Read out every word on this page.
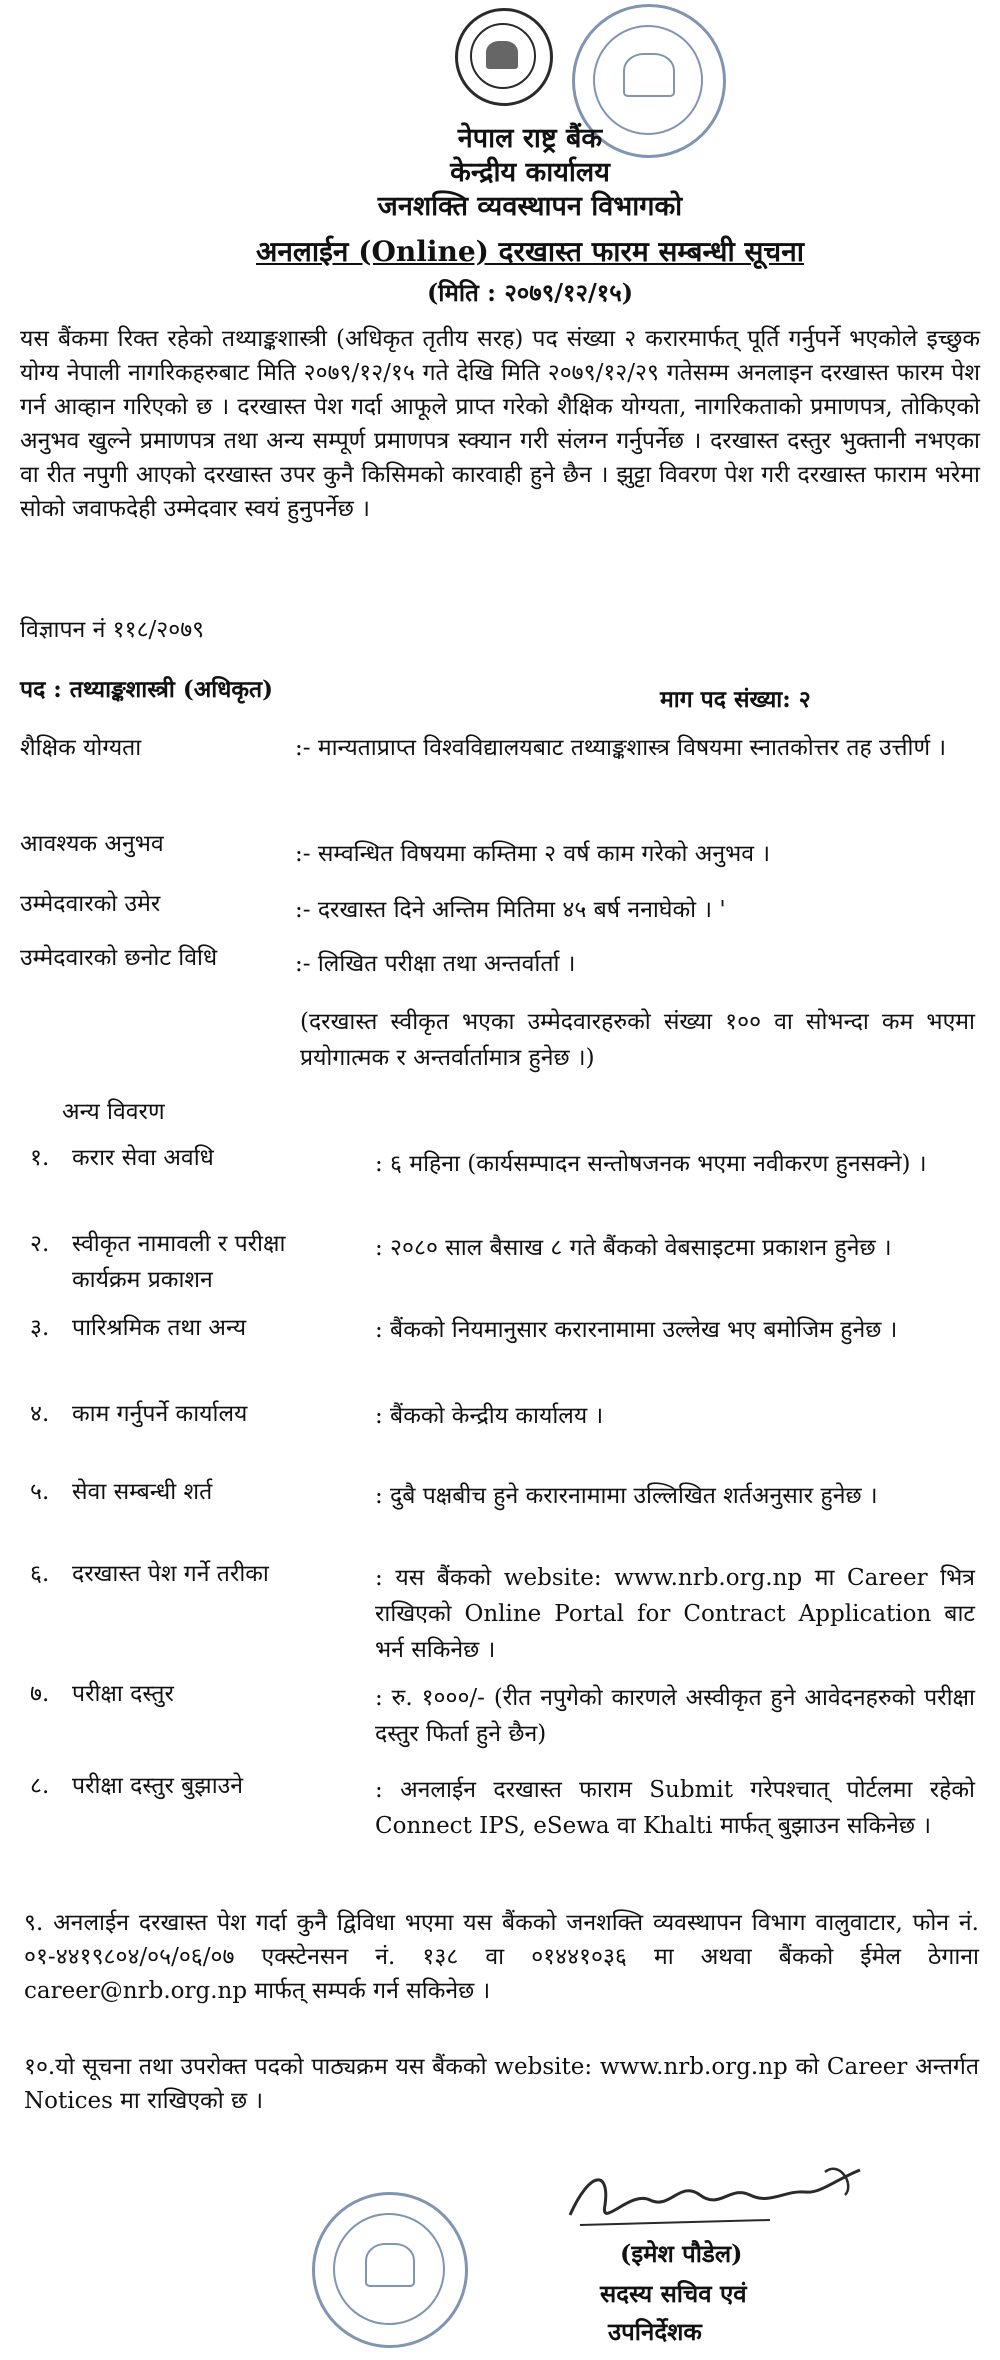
नेपाल राष्ट्र बैंक
केन्द्रीय कार्यालय
जनशक्ति व्यवस्थापन विभागको
अनलाईन (Online) दरखास्त फारम सम्बन्धी सूचना
(मिति : २०७९/१२/१५)
यस बैंकमा रिक्त रहेको तथ्याङ्कशास्त्री (अधिकृत तृतीय सरह) पद संख्या २ करारमार्फत् पूर्ति गर्नुपर्ने भएकोले इच्छुक योग्य नेपाली नागरिकहरुबाट मिति २०७९/१२/१५ गते देखि मिति २०७९/१२/२९ गतेसम्म अनलाइन दरखास्त फारम पेश गर्न आव्हान गरिएको छ । दरखास्त पेश गर्दा आफूले प्राप्त गरेको शैक्षिक योग्यता, नागरिकताको प्रमाणपत्र, तोकिएको अनुभव खुल्ने प्रमाणपत्र तथा अन्य सम्पूर्ण प्रमाणपत्र स्क्यान गरी संलग्न गर्नुपर्नेछ । दरखास्त दस्तुर भुक्तानी नभएका वा रीत नपुगी आएको दरखास्त उपर कुनै किसिमको कारवाही हुने छैन । झुट्टा विवरण पेश गरी दरखास्त फाराम भरेमा सोको जवाफदेही उम्मेदवार स्वयं हुनुपर्नेछ ।
विज्ञापन नं ११८/२०७९
पद : तथ्याङ्कशास्त्री (अधिकृत)	माग पद संख्या: २
शैक्षिक योग्यता	:- मान्यताप्राप्त विश्वविद्यालयबाट तथ्याङ्कशास्त्र विषयमा स्नातकोत्तर तह उत्तीर्ण ।
आवश्यक अनुभव	:- सम्वन्धित विषयमा कम्तिमा २ वर्ष काम गरेको अनुभव ।
उम्मेदवारको उमेर	:- दरखास्त दिने अन्तिम मितिमा ४५ बर्ष ननाघेको । '
उम्मेदवारको छनोट विधि	:- लिखित परीक्षा तथा अन्तर्वार्ता ।
(दरखास्त स्वीकृत भएका उम्मेदवारहरुको संख्या १०० वा सोभन्दा कम भएमा प्रयोगात्मक र अन्तर्वार्तामात्र हुनेछ ।)
अन्य विवरण
१. करार सेवा अवधि	: ६ महिना (कार्यसम्पादन सन्तोषजनक भएमा नवीकरण हुनसक्ने) ।
२. स्वीकृत नामावली र परीक्षा कार्यक्रम प्रकाशन
: २०८० साल बैसाख ८ गते बैंकको वेबसाइटमा प्रकाशन हुनेछ ।
३. पारिश्रमिक तथा अन्य	: बैंकको नियमानुसार करारनामामा उल्लेख भए बमोजिम हुनेछ ।
४. काम गर्नुपर्ने कार्यालय	: बैंकको केन्द्रीय कार्यालय ।
५. सेवा सम्बन्धी शर्त	: दुबै पक्षबीच हुने करारनामामा उल्लिखित शर्तअनुसार हुनेछ ।
६. दरखास्त पेश गर्ने तरीका	: यस बैंकको website: www.nrb.org.np मा Career भित्र राखिएको Online Portal for Contract Application बाट भर्न सकिनेछ ।
७. परीक्षा दस्तुर	: रु. १०००/- (रीत नपुगेको कारणले अस्वीकृत हुने आवेदनहरुको परीक्षा दस्तुर फिर्ता हुने छैन)
८. परीक्षा दस्तुर बुझाउने	: अनलाईन दरखास्त फाराम Submit गरेपश्चात् पोर्टलमा रहेको Connect IPS, eSewa वा Khalti मार्फत् बुझाउन सकिनेछ ।
९. अनलाईन दरखास्त पेश गर्दा कुनै द्विविधा भएमा यस बैंकको जनशक्ति व्यवस्थापन विभाग वालुवाटार, फोन नं. ०१-४४१९८०४/०५/०६/०७ एक्स्टेनसन नं. १३८ वा ०१४४१०३६ मा अथवा बैंकको ईमेल ठेगाना career@nrb.org.np मार्फत् सम्पर्क गर्न सकिनेछ ।
१०.यो सूचना तथा उपरोक्त पदको पाठ्यक्रम यस बैंकको website: www.nrb.org.np को Career अन्तर्गत Notices मा राखिएको छ ।
(इमेश पौडेल)
सदस्य सचिव एवं
उपनिर्देशक
